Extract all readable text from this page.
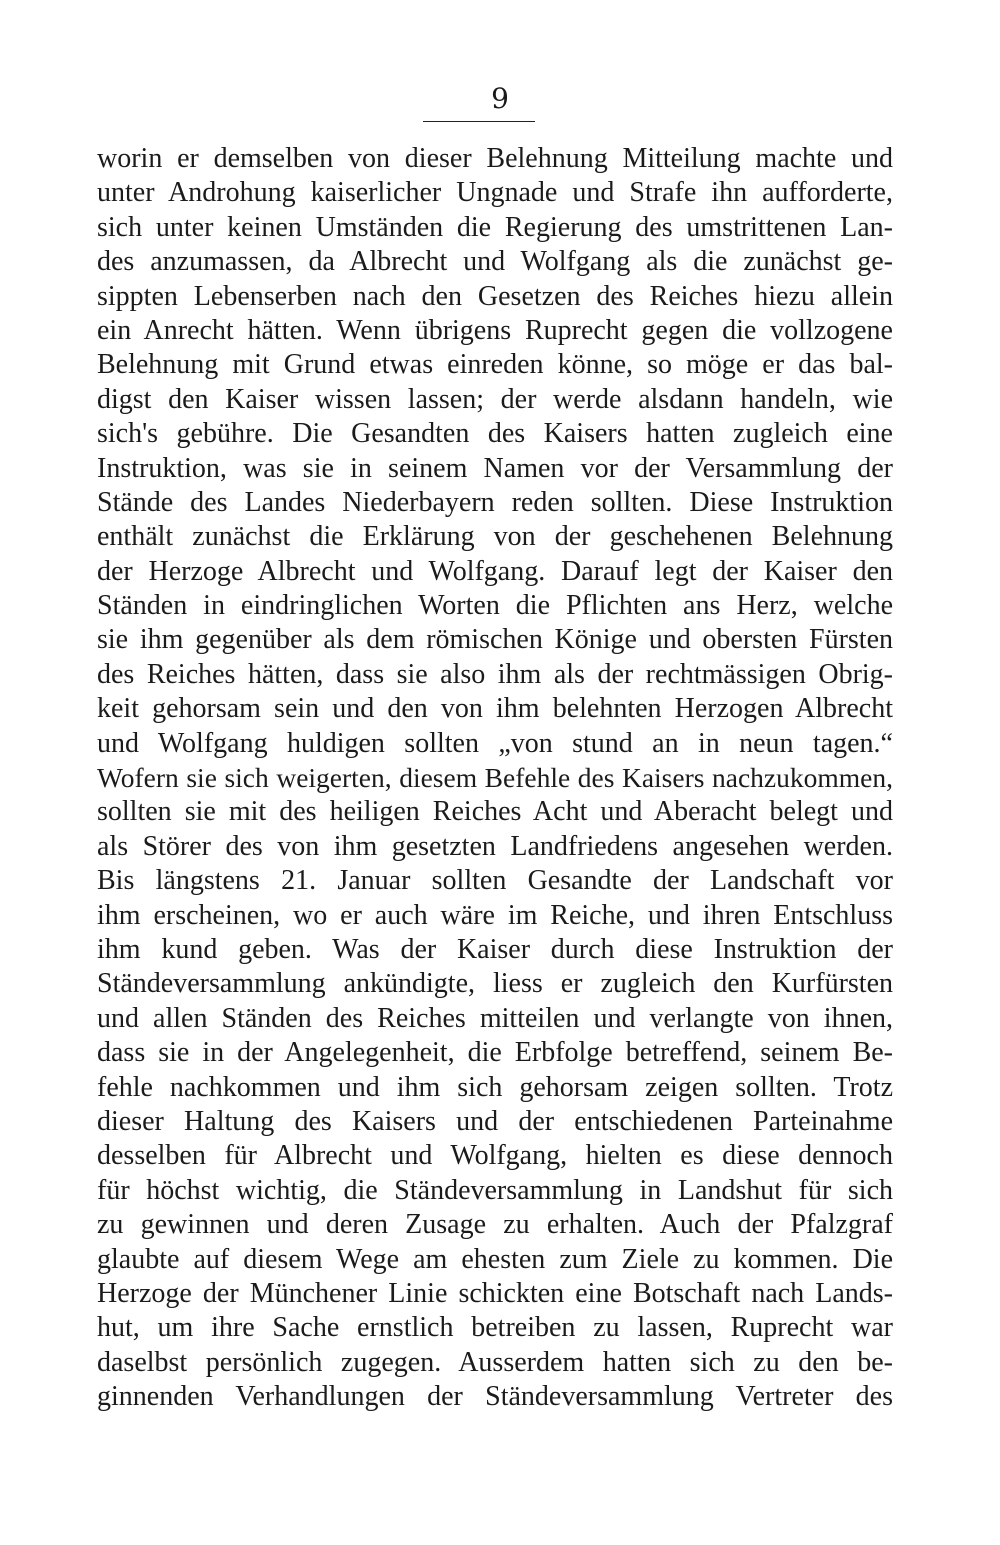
9
worin er demselben von dieser Belehnung Mitteilung machte und
unter Androhung kaiserlicher Ungnade und Strafe ihn aufforderte,
sich unter keinen Umständen die Regierung des umstrittenen Lan-
des anzumassen, da Albrecht und Wolfgang als die zunächst ge-
sippten Lebenserben nach den Gesetzen des Reiches hiezu allein
ein Anrecht hätten. Wenn übrigens Ruprecht gegen die vollzogene
Belehnung mit Grund etwas einreden könne, so möge er das bal-
digst den Kaiser wissen lassen; der werde alsdann handeln, wie
sich's gebühre. Die Gesandten des Kaisers hatten zugleich eine
Instruktion, was sie in seinem Namen vor der Versammlung der
Stände des Landes Niederbayern reden sollten. Diese Instruktion
enthält zunächst die Erklärung von der geschehenen Belehnung
der Herzoge Albrecht und Wolfgang. Darauf legt der Kaiser den
Ständen in eindringlichen Worten die Pflichten ans Herz, welche
sie ihm gegenüber als dem römischen Könige und obersten Fürsten
des Reiches hätten, dass sie also ihm als der rechtmässigen Obrig-
keit gehorsam sein und den von ihm belehnten Herzogen Albrecht
und Wolfgang huldigen sollten „von stund an in neun tagen.“
Wofern sie sich weigerten, diesem Befehle des Kaisers nachzukommen,
sollten sie mit des heiligen Reiches Acht und Aberacht belegt und
als Störer des von ihm gesetzten Landfriedens angesehen werden.
Bis längstens 21. Januar sollten Gesandte der Landschaft vor
ihm erscheinen, wo er auch wäre im Reiche, und ihren Entschluss
ihm kund geben. Was der Kaiser durch diese Instruktion der
Ständeversammlung ankündigte, liess er zugleich den Kurfürsten
und allen Ständen des Reiches mitteilen und verlangte von ihnen,
dass sie in der Angelegenheit, die Erbfolge betreffend, seinem Be-
fehle nachkommen und ihm sich gehorsam zeigen sollten. Trotz
dieser Haltung des Kaisers und der entschiedenen Parteinahme
desselben für Albrecht und Wolfgang, hielten es diese dennoch
für höchst wichtig, die Ständeversammlung in Landshut für sich
zu gewinnen und deren Zusage zu erhalten. Auch der Pfalzgraf
glaubte auf diesem Wege am ehesten zum Ziele zu kommen. Die
Herzoge der Münchener Linie schickten eine Botschaft nach Lands-
hut, um ihre Sache ernstlich betreiben zu lassen, Ruprecht war
daselbst persönlich zugegen. Ausserdem hatten sich zu den be-
ginnenden Verhandlungen der Ständeversammlung Vertreter des
